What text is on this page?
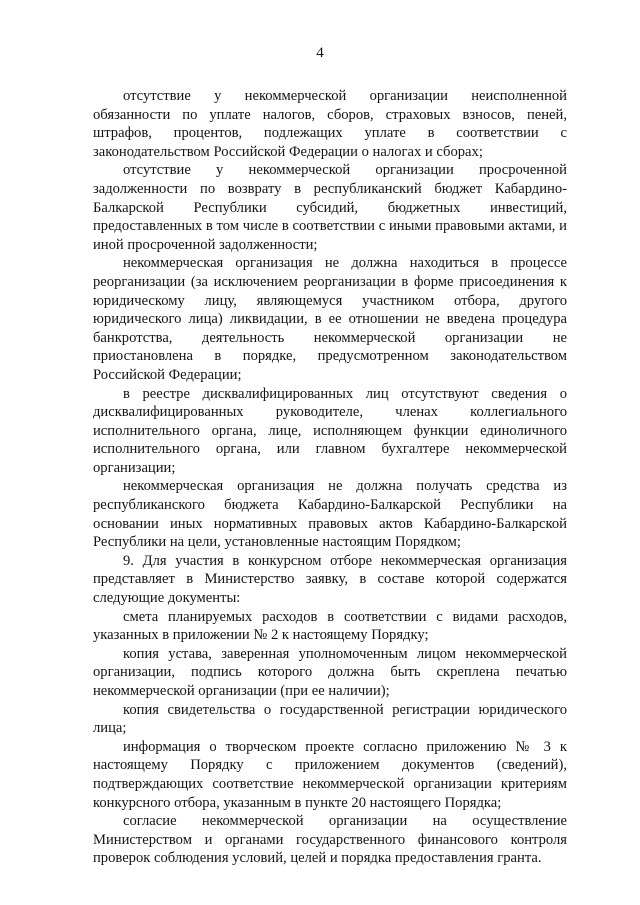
4

отсутствие у некоммерческой организации неисполненной обязанности по уплате налогов, сборов, страховых взносов, пеней, штрафов, процентов, подлежащих уплате в соответствии с законодательством Российской Федерации о налогах и сборах;

отсутствие у некоммерческой организации просроченной задолженности по возврату в республиканский бюджет Кабардино-Балкарской Республики субсидий, бюджетных инвестиций, предоставленных в том числе в соответствии с иными правовыми актами, и иной просроченной задолженности;

некоммерческая организация не должна находиться в процессе реорганизации (за исключением реорганизации в форме присоединения к юридическому лицу, являющемуся участником отбора, другого юридического лица) ликвидации, в ее отношении не введена процедура банкротства, деятельность некоммерческой организации не приостановлена в порядке, предусмотренном законодательством Российской Федерации;

в реестре дисквалифицированных лиц отсутствуют сведения о дисквалифицированных руководителе, членах коллегиального исполнительного органа, лице, исполняющем функции единоличного исполнительного органа, или главном бухгалтере некоммерческой организации;

некоммерческая организация не должна получать средства из республиканского бюджета Кабардино-Балкарской Республики на основании иных нормативных правовых актов Кабардино-Балкарской Республики на цели, установленные настоящим Порядком;

9. Для участия в конкурсном отборе некоммерческая организация представляет в Министерство заявку, в составе которой содержатся следующие документы:

смета планируемых расходов в соответствии с видами расходов, указанных в приложении № 2 к настоящему Порядку;

копия устава, заверенная уполномоченным лицом некоммерческой организации, подпись которого должна быть скреплена печатью некоммерческой организации (при ее наличии);

копия свидетельства о государственной регистрации юридического лица;

информация о творческом проекте согласно приложению № 3 к настоящему Порядку с приложением документов (сведений), подтверждающих соответствие некоммерческой организации критериям конкурсного отбора, указанным в пункте 20 настоящего Порядка;

согласие некоммерческой организации на осуществление Министерством и органами государственного финансового контроля проверок соблюдения условий, целей и порядка предоставления гранта.
